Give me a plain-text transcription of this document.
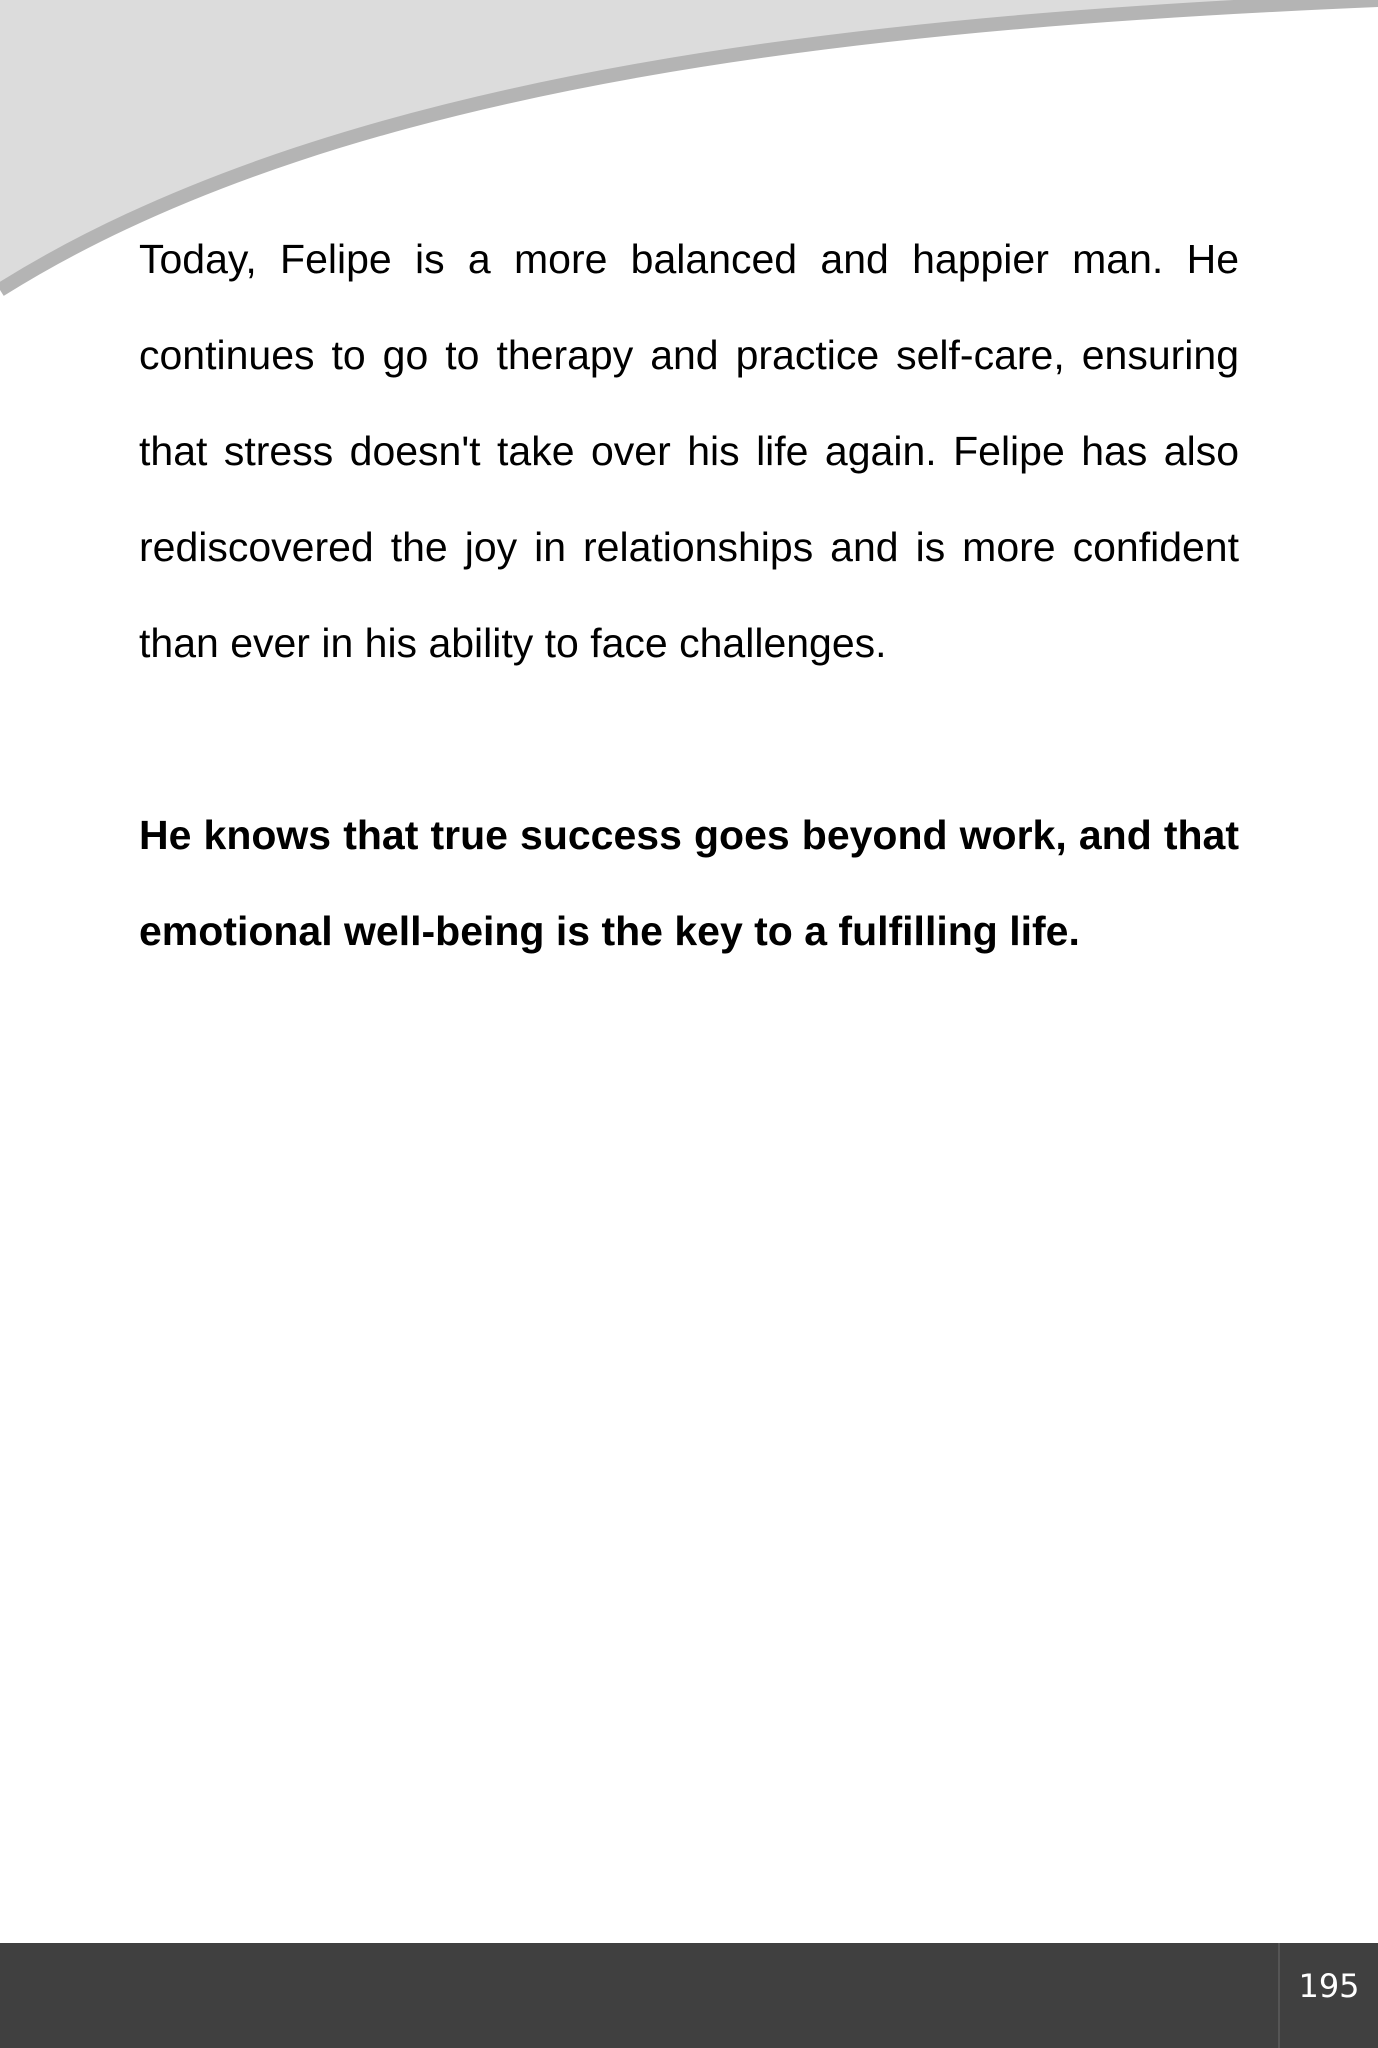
Today, Felipe is a more balanced and happier man. He continues to go to therapy and practice self-care, ensuring that stress doesn't take over his life again. Felipe has also rediscovered the joy in relationships and is more confident than ever in his ability to face challenges.

He knows that true success goes beyond work, and that emotional well-being is the key to a fulfilling life.

195
